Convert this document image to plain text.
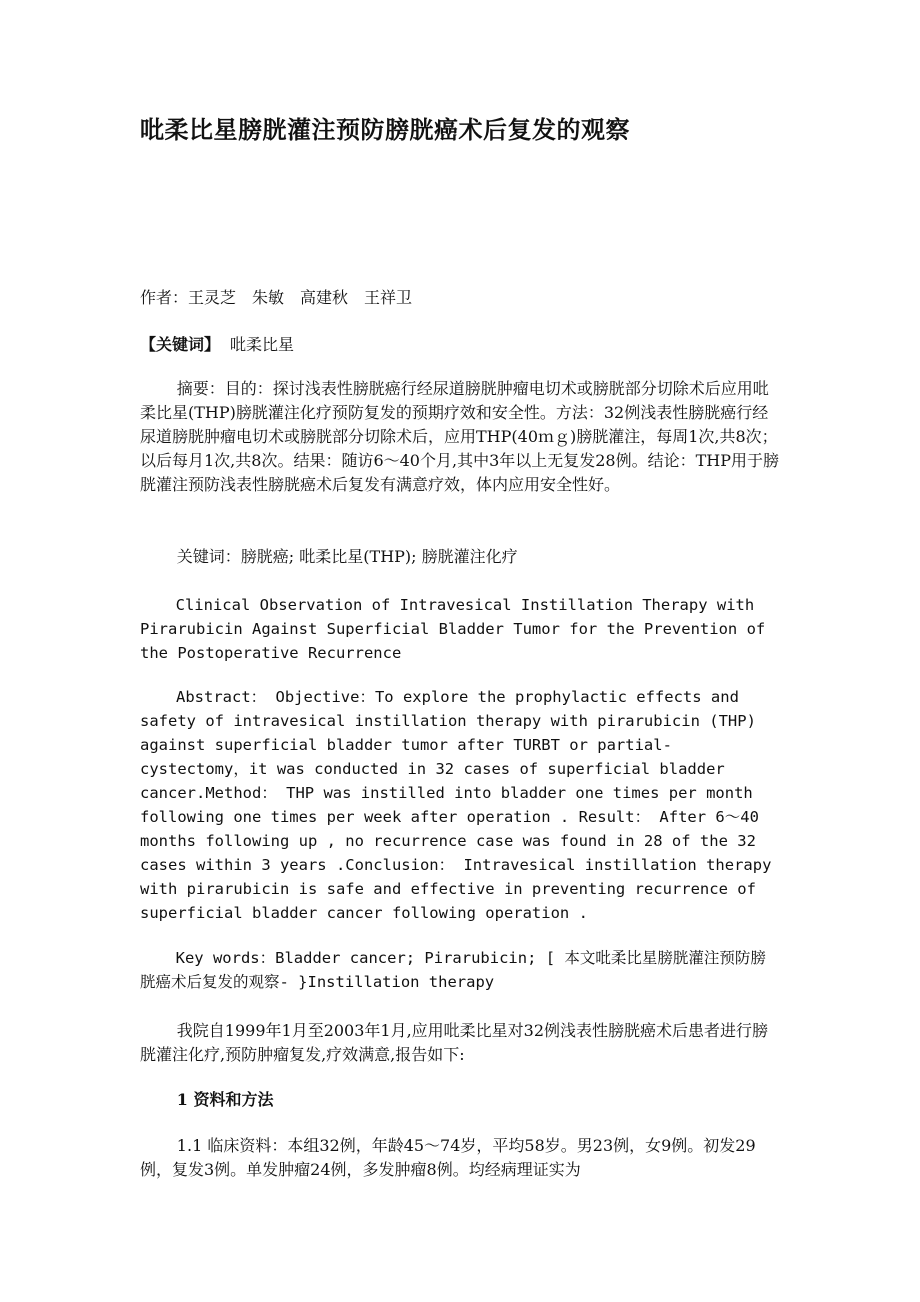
吡柔比星膀胱灌注预防膀胱癌术后复发的观察

作者：王灵芝　朱敏　高建秋　王祥卫

【关键词】 吡柔比星

摘要：目的：探讨浅表性膀胱癌行经尿道膀胱肿瘤电切术或膀胱部分切除术后应用吡柔比星(THP)膀胱灌注化疗预防复发的预期疗效和安全性。方法：32例浅表性膀胱癌行经尿道膀胱肿瘤电切术或膀胱部分切除术后，应用THP(40ｍｇ)膀胱灌注，每周1次,共8次；以后每月1次,共8次。结果：随访6～40个月,其中3年以上无复发28例。结论：THP用于膀胱灌注预防浅表性膀胱癌术后复发有满意疗效，体内应用安全性好。

关键词：膀胱癌; 吡柔比星(THP); 膀胱灌注化疗

Clinical Observation of Intravesical Instillation Therapy with Pirarubicin Against Superficial Bladder Tumor for the Prevention of the Postoperative Recurrence

Abstract： Objective：To explore the prophylactic effects and safety of intravesical instillation therapy with pirarubicin (THP) against superficial bladder tumor after TURBT or partial-cystectomy，it was conducted in 32 cases of superficial bladder cancer.Method： THP was instilled into bladder one times per month following one times per week after operation . Result： After 6～40 months following up , no recurrence case was found in 28 of the 32 cases within 3 years .Conclusion： Intravesical instillation therapy with pirarubicin is safe and effective in preventing recurrence of superficial bladder cancer following operation .

Key words：Bladder cancer; Pirarubicin; [ 本文吡柔比星膀胱灌注预防膀胱癌术后复发的观察- }Instillation therapy

我院自1999年1月至2003年1月,应用吡柔比星对32例浅表性膀胱癌术后患者进行膀胱灌注化疗,预防肿瘤复发,疗效满意,报告如下:

1 资料和方法

1.1 临床资料：本组32例，年龄45～74岁，平均58岁。男23例，女9例。初发29例，复发3例。单发肿瘤24例，多发肿瘤8例。均经病理证实为
